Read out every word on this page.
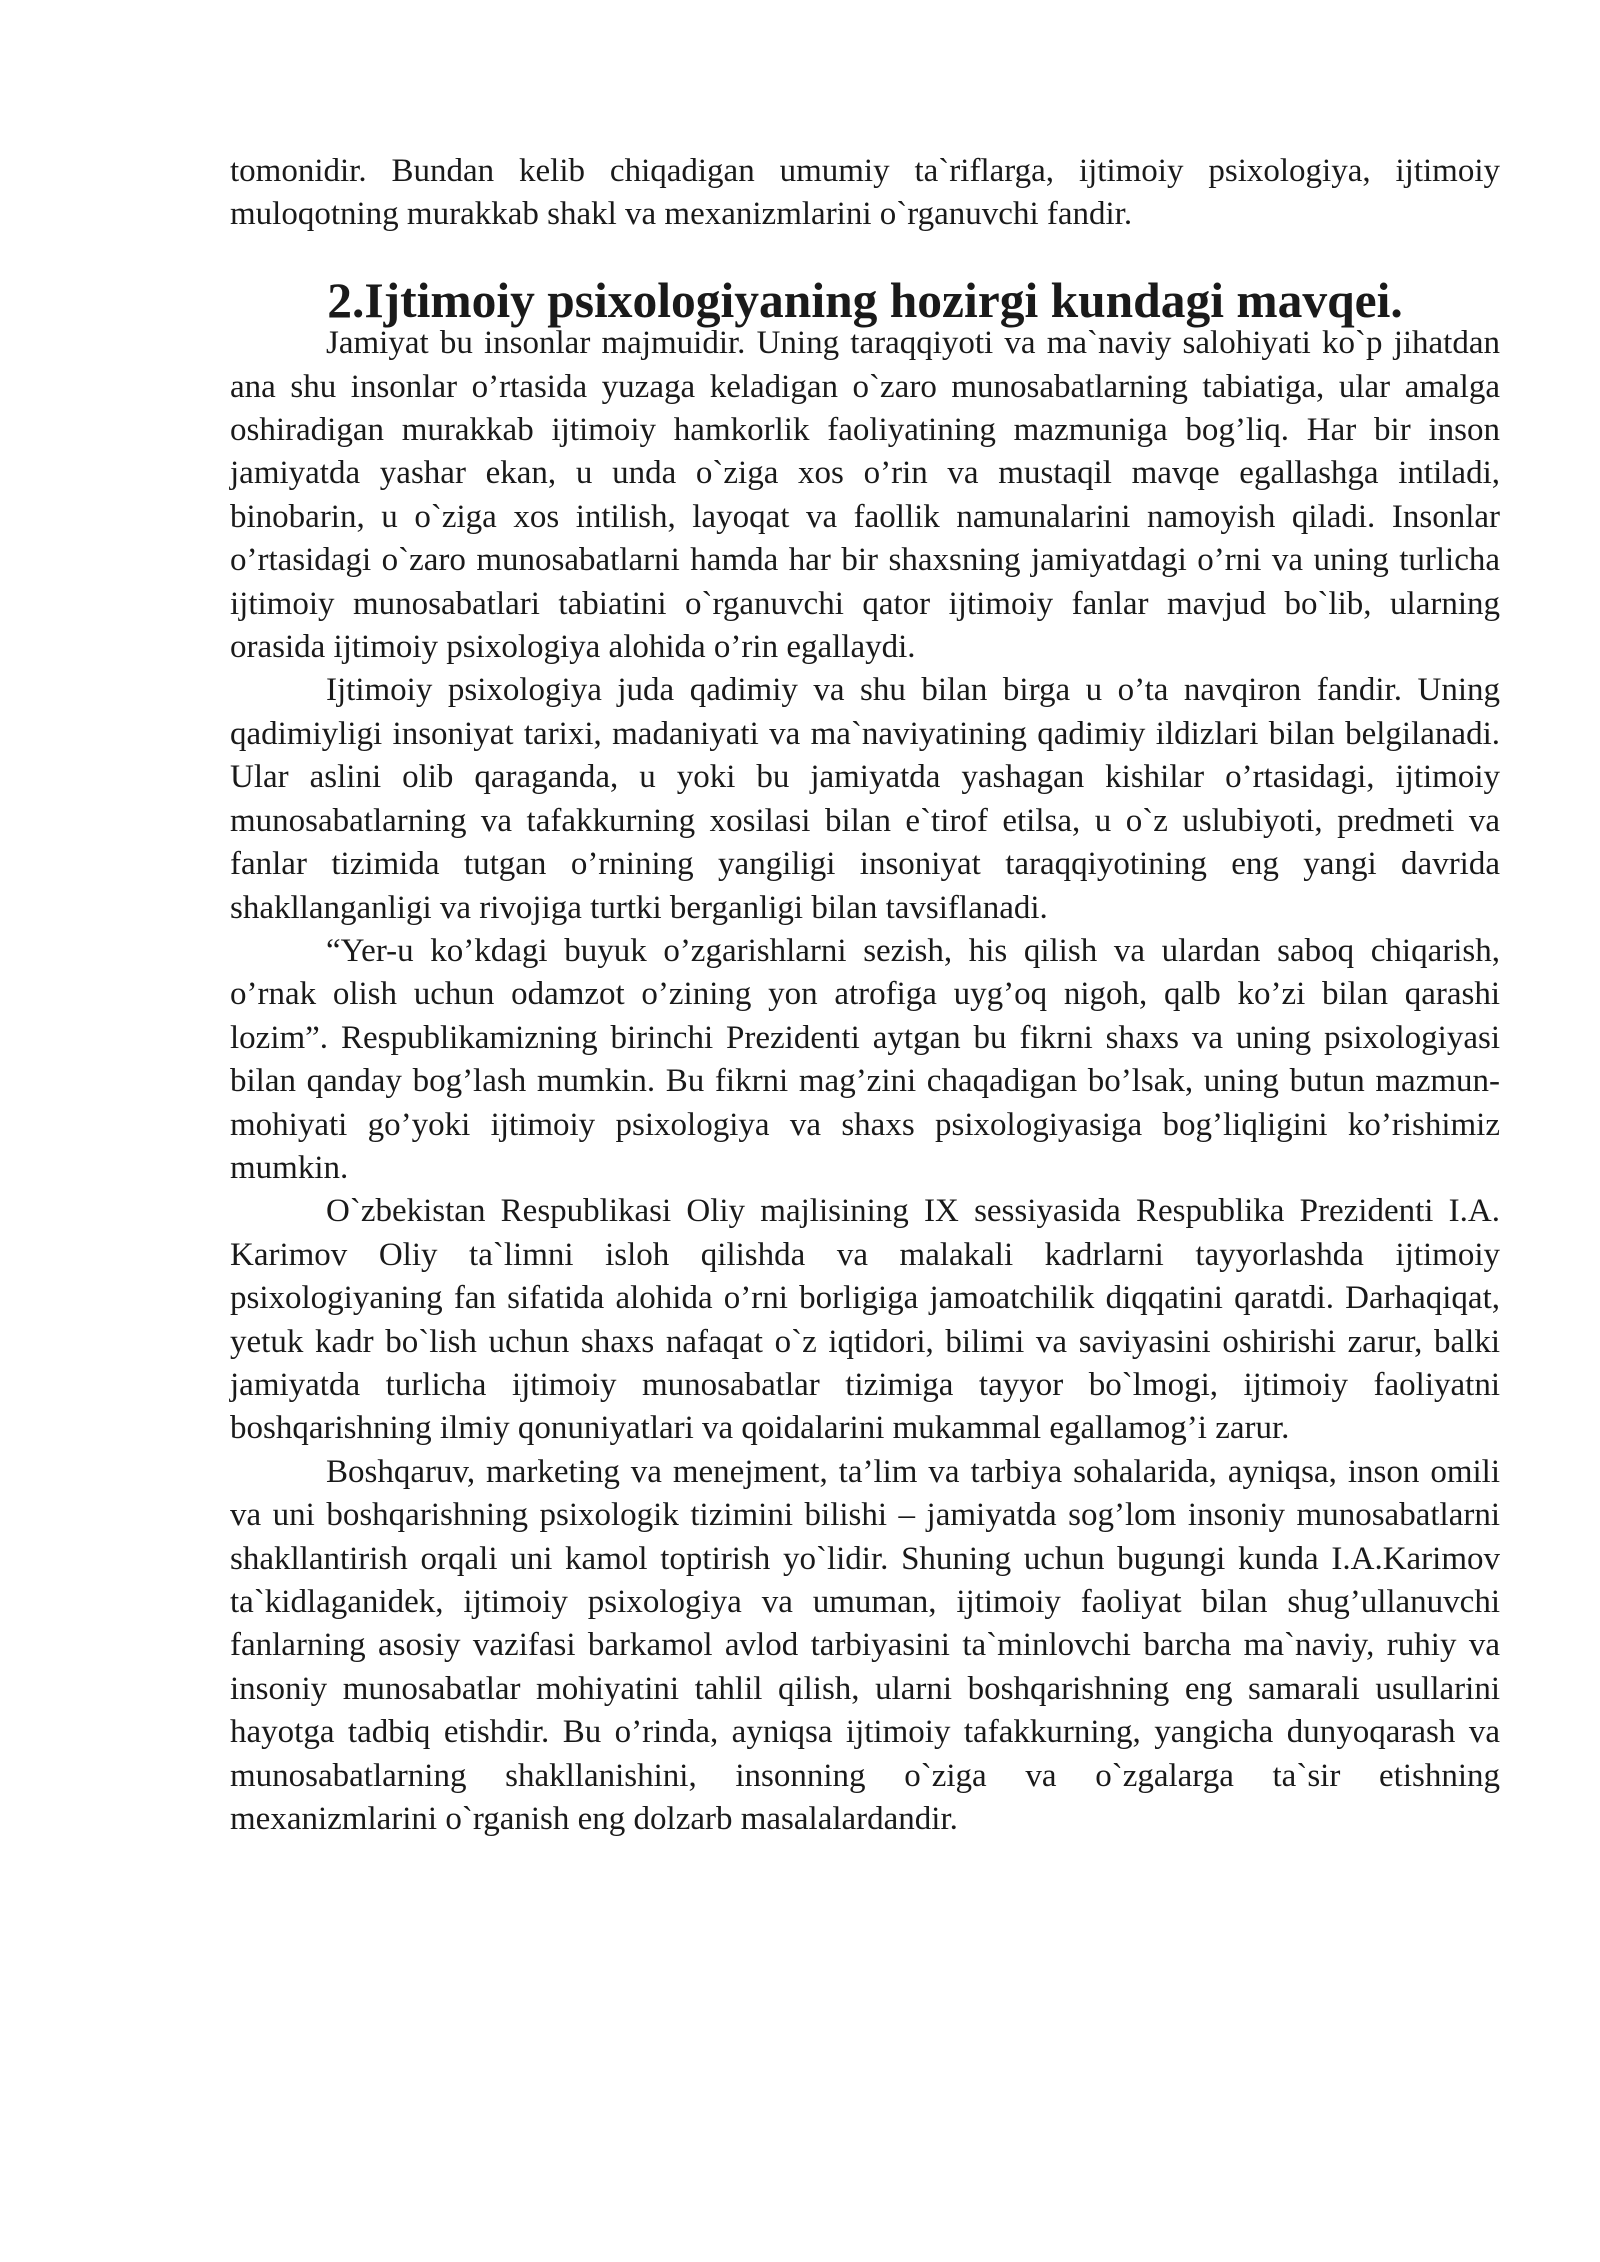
tomonidir. Bundan kelib chiqadigan umumiy ta`riflarga, ijtimoiy psixologiya, ijtimoiy muloqotning murakkab shakl va mexanizmlarini o`rganuvchi fandir.

2.Ijtimoiy psixologiyaning hozirgi kundagi mavqei.

Jamiyat bu insonlar majmuidir. Uning taraqqiyoti va ma`naviy salohiyati ko`p jihatdan ana shu insonlar o’rtasida yuzaga keladigan o`zaro munosabatlarning tabiatiga, ular amalga oshiradigan murakkab ijtimoiy hamkorlik faoliyatining mazmuniga bog’liq. Har bir inson jamiyatda yashar ekan, u unda o`ziga xos o’rin va mustaqil mavqe egallashga intiladi, binobarin, u o`ziga xos intilish, layoqat va faollik namunalarini namoyish qiladi. Insonlar o’rtasidagi o`zaro munosabatlarni hamda har bir shaxsning jamiyatdagi o’rni va uning turlicha ijtimoiy munosabatlari tabiatini o`rganuvchi qator ijtimoiy fanlar mavjud bo`lib, ularning orasida ijtimoiy psixologiya alohida o’rin egallaydi.

Ijtimoiy psixologiya juda qadimiy va shu bilan birga u o’ta navqiron fandir. Uning qadimiyligi insoniyat tarixi, madaniyati va ma`naviyatining qadimiy ildizlari bilan belgilanadi. Ular aslini olib qaraganda, u yoki bu jamiyatda yashagan kishilar o’rtasidagi, ijtimoiy munosabatlarning va tafakkurning xosilasi bilan e`tirof etilsa, u o`z uslubiyoti, predmeti va fanlar tizimida tutgan o’rnining yangiligi insoniyat taraqqiyotining eng yangi davrida shakllanganligi va rivojiga turtki berganligi bilan tavsiflanadi.

“Yer-u ko’kdagi buyuk o’zgarishlarni sezish, his qilish va ulardan saboq chiqarish, o’rnak olish uchun odamzot o’zining yon atrofiga uyg’oq nigoh, qalb ko’zi bilan qarashi lozim”. Respublikamizning birinchi Prezidenti aytgan bu fikrni shaxs va uning psixologiyasi bilan qanday bog’lash mumkin. Bu fikrni mag’zini chaqadigan bo’lsak, uning butun mazmun-mohiyati go’yoki ijtimoiy psixologiya va shaxs psixologiyasiga bog’liqligini ko’rishimiz mumkin.

O`zbekistan Respublikasi Oliy majlisining IX sessiyasida Respublika Prezidenti I.A. Karimov Oliy ta`limni isloh qilishda va malakali kadrlarni tayyorlashda ijtimoiy psixologiyaning fan sifatida alohida o’rni borligiga jamoatchilik diqqatini qaratdi. Darhaqiqat, yetuk kadr bo`lish uchun shaxs nafaqat o`z iqtidori, bilimi va saviyasini oshirishi zarur, balki jamiyatda turlicha ijtimoiy munosabatlar tizimiga tayyor bo`lmogi, ijtimoiy faoliyatni boshqarishning ilmiy qonuniyatlari va qoidalarini mukammal egallamog’i zarur.

Boshqaruv, marketing va menejment, ta’lim va tarbiya sohalarida, ayniqsa, inson omili va uni boshqarishning psixologik tizimini bilishi – jamiyatda sog’lom insoniy munosabatlarni shakllantirish orqali uni kamol toptirish yo`lidir. Shuning uchun bugungi kunda I.A.Karimov ta`kidlaganidek, ijtimoiy psixologiya va umuman, ijtimoiy faoliyat bilan shug’ullanuvchi fanlarning asosiy vazifasi barkamol avlod tarbiyasini ta`minlovchi barcha ma`naviy, ruhiy va insoniy munosabatlar mohiyatini tahlil qilish, ularni boshqarishning eng samarali usullarini hayotga tadbiq etishdir. Bu o’rinda, ayniqsa ijtimoiy tafakkurning, yangicha dunyoqarash va munosabatlarning shakllanishini, insonning o`ziga va o`zgalarga ta`sir etishning mexanizmlarini o`rganish eng dolzarb masalalardandir.
